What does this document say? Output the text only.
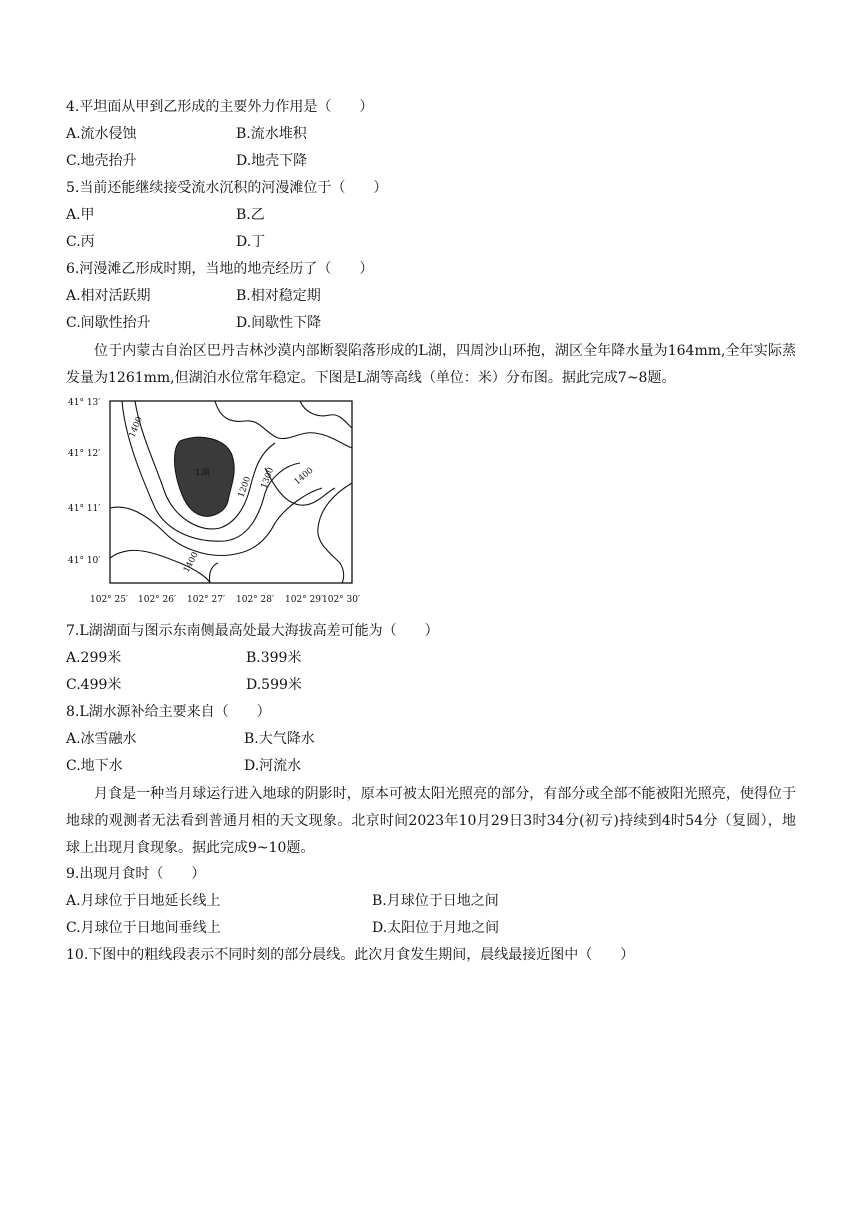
4.平坦面从甲到乙形成的主要外力作用是（　　）
A.流水侵蚀	B.流水堆积
C.地壳抬升	D.地壳下降
5.当前还能继续接受流水沉积的河漫滩位于（　　）
A.甲	B.乙
C.丙	D.丁
6.河漫滩乙形成时期，当地的地壳经历了（　　）
A.相对活跃期	B.相对稳定期
C.间歇性抬升	D.间歇性下降
位于内蒙古自治区巴丹吉林沙漠内部断裂陷落形成的L湖，四周沙山环抱，湖区全年降水量为164mm,全年实际蒸发量为1261mm,但湖泊水位常年稳定。下图是L湖等高线（单位：米）分布图。据此完成7~8题。
1400
1200 1300 1400
1400
L湖
41° 13′
41° 12′
41° 11′
41° 10′
102° 25′ 102° 26′ 102° 27′ 102° 28′ 102° 29′
102° 30′
7.L湖湖面与图示东南侧最高处最大海拔高差可能为（　　）
A.299米	B.399米
C.499米	D.599米
8.L湖水源补给主要来自（　　）
A.冰雪融水	B.大气降水
C.地下水	D.河流水
月食是一种当月球运行进入地球的阴影时，原本可被太阳光照亮的部分，有部分或全部不能被阳光照亮，使得位于地球的观测者无法看到普通月相的天文现象。北京时间2023年10月29日3时34分(初亏)持续到4时54分（复圆），地球上出现月食现象。据此完成9~10题。
9.出现月食时（　　）
A.月球位于日地延长线上	B.月球位于日地之间
C.月球位于日地间垂线上	D.太阳位于月地之间
10.下图中的粗线段表示不同时刻的部分晨线。此次月食发生期间，晨线最接近图中（　　）
